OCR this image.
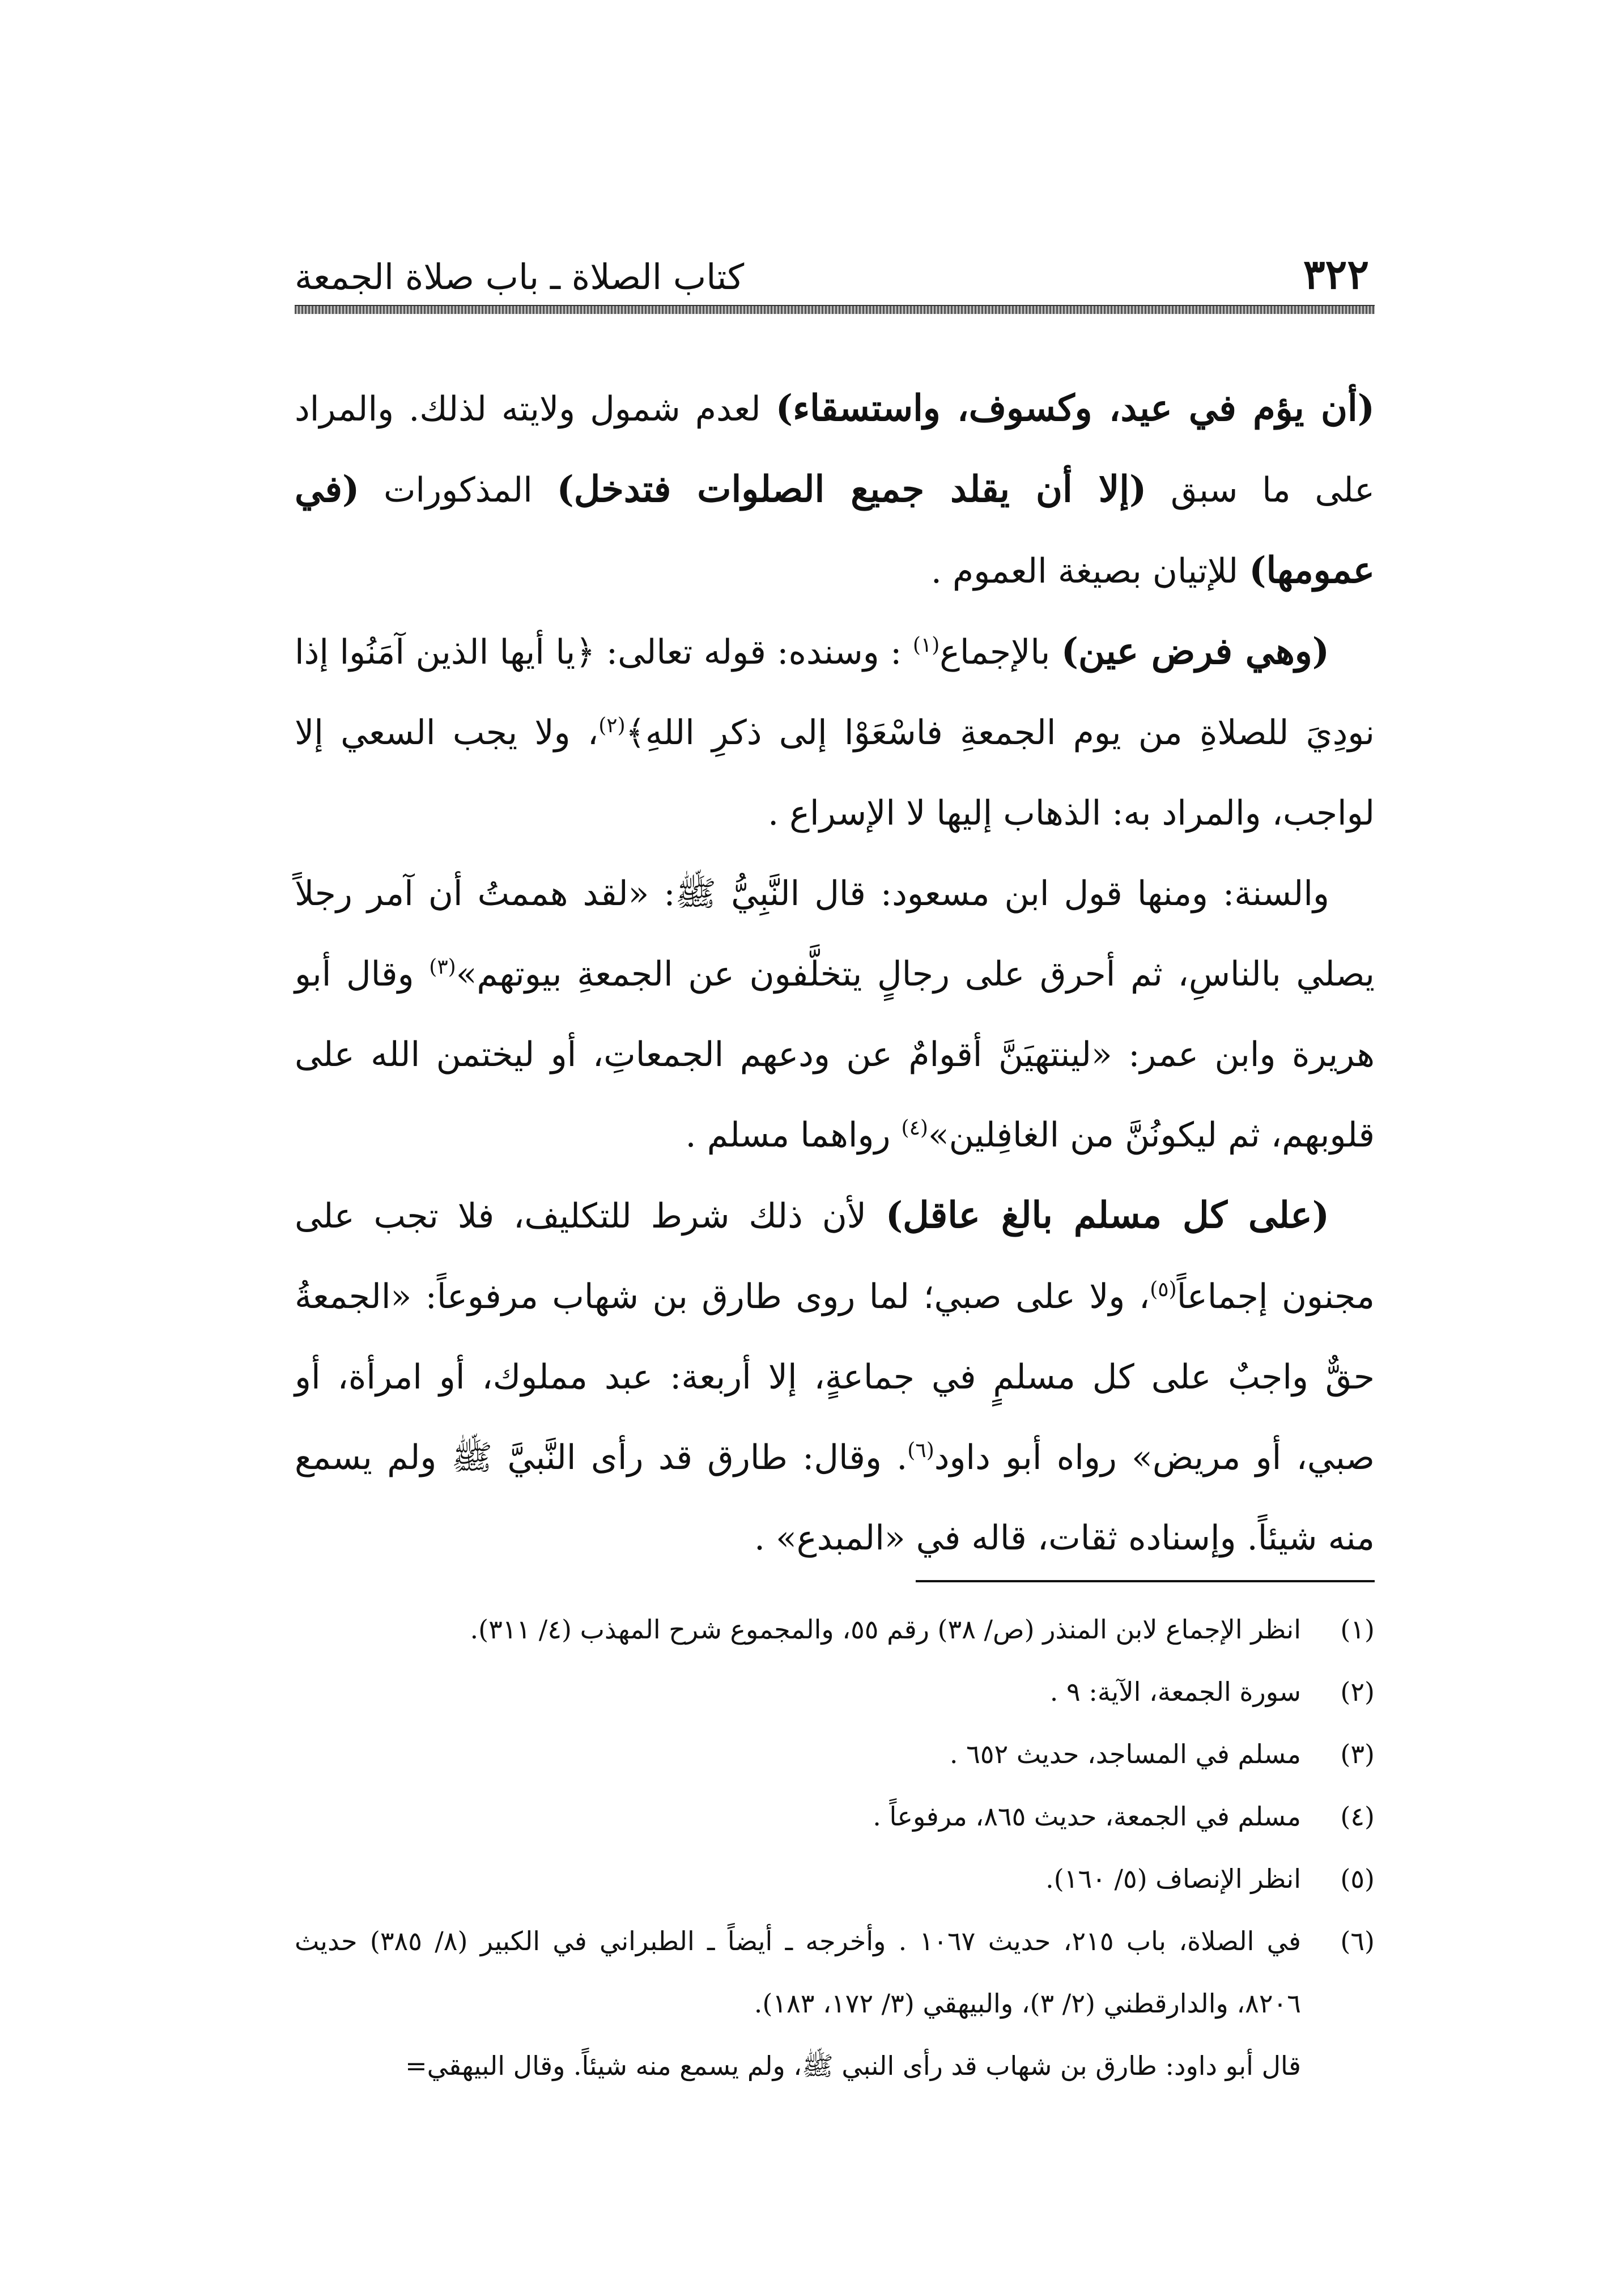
٣٢٢
كتاب الصلاة ـ باب صلاة الجمعة

(أن يؤم في عيد، وكسوف، واستسقاء) لعدم شمول ولايته لذلك. والمراد على ما سبق (إلا أن يقلد جميع الصلوات فتدخل) المذكورات (في عمومها) للإتيان بصيغة العموم .

(وهي فرض عين) بالإجماع$^{(١)}$ : وسنده: قوله تعالى: ﴿يا أيها الذين آمَنُوا إذا نودِيَ للصلاةِ من يوم الجمعةِ فاسْعَوْا إلى ذكرِ اللهِ﴾$^{(٢)}$، ولا يجب السعي إلا لواجب، والمراد به: الذهاب إليها لا الإسراع .

والسنة: ومنها قول ابن مسعود: قال النَّبِيُّ ﷺ: «لقد هممتُ أن آمر رجلاً يصلي بالناسِ، ثم أحرق على رجالٍ يتخلَّفون عن الجمعةِ بيوتهم»$^{(٣)}$ وقال أبو هريرة وابن عمر: «لينتهيَنَّ أقوامٌ عن ودعهم الجمعاتِ، أو ليختمن الله على قلوبهم، ثم ليكونُنَّ من الغافِلين»$^{(٤)}$ رواهما مسلم .

(على كل مسلم بالغ عاقل) لأن ذلك شرط للتكليف، فلا تجب على مجنون إجماعاً$^{(٥)}$، ولا على صبي؛ لما روى طارق بن شهاب مرفوعاً: «الجمعةُ حقٌّ واجبٌ على كل مسلمٍ في جماعةٍ، إلا أربعة: عبد مملوك، أو امرأة، أو صبي، أو مريض» رواه أبو داود$^{(٦)}$. وقال: طارق قد رأى النَّبيَّ ﷺ ولم يسمع منه شيئاً. وإسناده ثقات، قاله في «المبدع» .

(١)
انظر الإجماع لابن المنذر (ص/ ٣٨) رقم ٥٥، والمجموع شرح المهذب (٤/ ٣١١).
(٢)
سورة الجمعة، الآية: ٩ .
(٣)
مسلم في المساجد، حديث ٦٥٢ .
(٤)
مسلم في الجمعة، حديث ٨٦٥، مرفوعاً .
(٥)
انظر الإنصاف (٥/ ١٦٠).
(٦)
في الصلاة، باب ٢١٥، حديث ١٠٦٧ . وأخرجه ـ أيضاً ـ الطبراني في الكبير (٨/ ٣٨٥) حديث ٨٢٠٦، والدارقطني (٢/ ٣)، والبيهقي (٣/ ١٧٢، ١٨٣).
قال أبو داود: طارق بن شهاب قد رأى النبي ﷺ، ولم يسمع منه شيئاً. وقال البيهقي=
